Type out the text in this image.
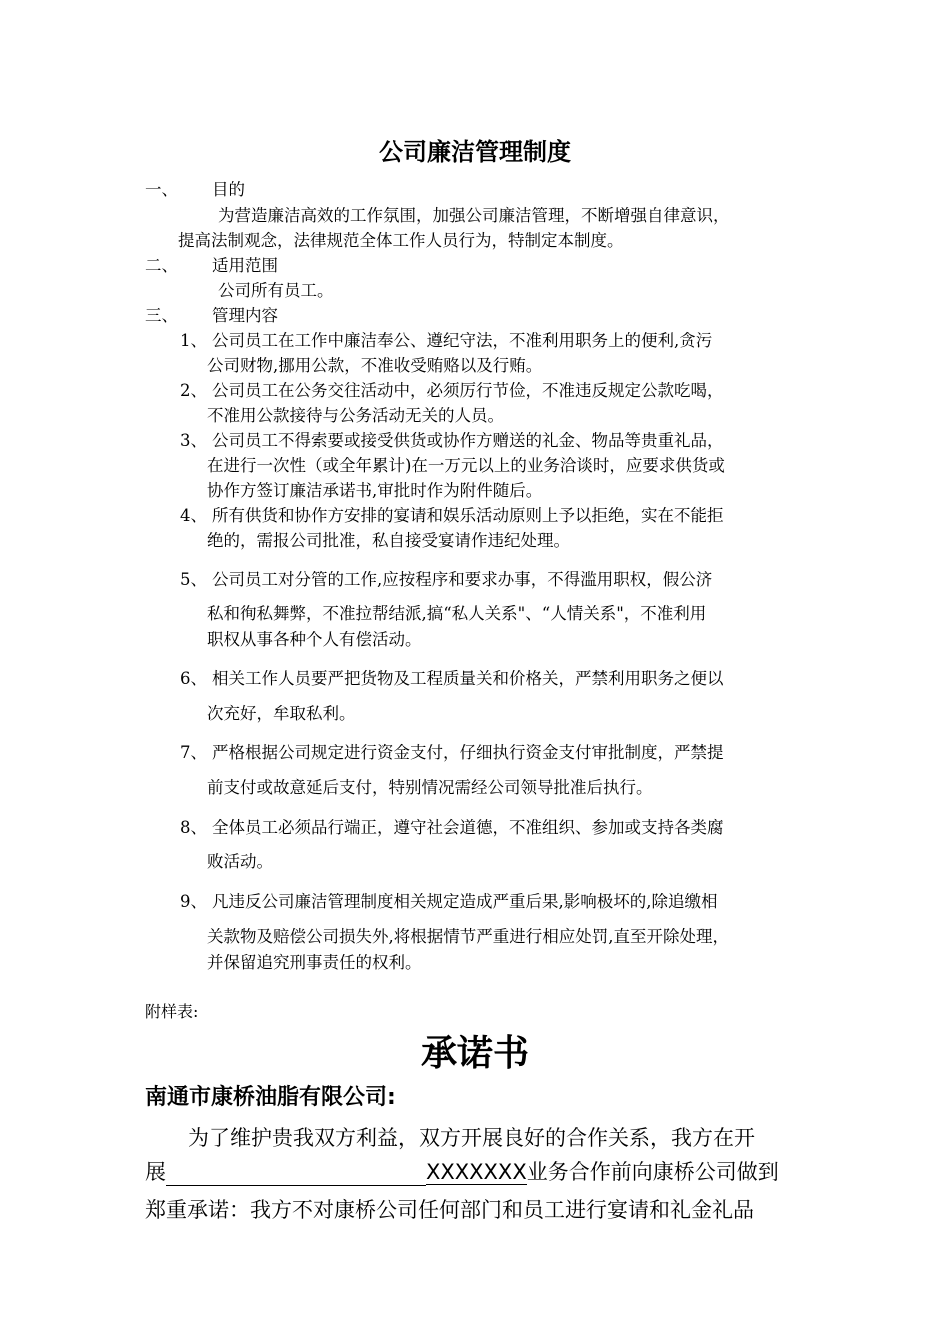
公司廉洁管理制度
一、 目的
为营造廉洁高效的工作氛围，加强公司廉洁管理，不断增强自律意识，
提高法制观念，法律规范全体工作人员行为，特制定本制度。
二、 适用范围
公司所有员工。
三、 管理内容
1、 公司员工在工作中廉洁奉公、遵纪守法，不准利用职务上的便利,贪污
公司财物,挪用公款，不准收受贿赂以及行贿。
2、 公司员工在公务交往活动中，必须厉行节俭，不准违反规定公款吃喝，
不准用公款接待与公务活动无关的人员。
3、 公司员工不得索要或接受供货或协作方赠送的礼金、物品等贵重礼品，
在进行一次性（或全年累计)在一万元以上的业务洽谈时，应要求供货或
协作方签订廉洁承诺书,审批时作为附件随后。
4、 所有供货和协作方安排的宴请和娱乐活动原则上予以拒绝，实在不能拒
绝的，需报公司批准，私自接受宴请作违纪处理。
5、 公司员工对分管的工作,应按程序和要求办事，不得滥用职权，假公济
私和徇私舞弊，不准拉帮结派,搞“私人关系"、“人情关系"，不准利用
职权从事各种个人有偿活动。
6、 相关工作人员要严把货物及工程质量关和价格关，严禁利用职务之便以
次充好，牟取私利。
7、 严格根据公司规定进行资金支付，仔细执行资金支付审批制度，严禁提
前支付或故意延后支付，特别情况需经公司领导批准后执行。
8、 全体员工必须品行端正，遵守社会道德，不准组织、参加或支持各类腐
败活动。
9、 凡违反公司廉洁管理制度相关规定造成严重后果,影响极坏的,除追缴相
关款物及赔偿公司损失外,将根据情节严重进行相应处罚,直至开除处理，
并保留追究刑事责任的权利。
附样表:
承诺书
南通市康桥油脂有限公司:
为了维护贵我双方利益，双方开展良好的合作关系，我方在开
展	XXXXXXX业务合作前向康桥公司做到
郑重承诺：我方不对康桥公司任何部门和员工进行宴请和礼金礼品
